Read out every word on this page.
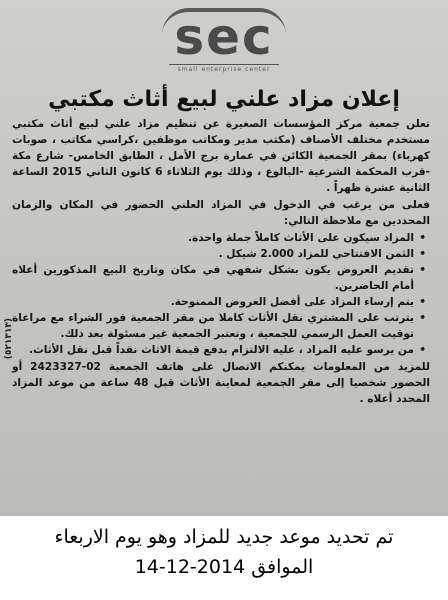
sec
small enterprise center
إعلان مزاد علني لبيع أثاث مكتبي

تعلن جمعية مركز المؤسسات الصغيرة عن تنظيم مزاد علني لبيع أثاث مكتبي مستخدم مختلف الأصناف (مكتب مدير ومكاتب موظفين ،كراسي مكاتب ، صوبات كهرباء) بمقر الجمعية الكائن في عمارة برج الأمل ، الطابق الخامس- شارع مكة -قرب المحكمة الشرعية -البالوع ، وذلك يوم الثلاثاء 6 كانون الثاني 2015 الساعة الثانية عشرة ظهراً .

فعلى من يرغب في الدخول في المزاد العلني الحضور في المكان والزمان المحددين مع ملاحظة التالي:

• المزاد سيكون على الأثاث كاملاً جملة واحدة.
• الثمن الافتتاحي للمزاد 2.000 شيكل .
• تقديم العروض يكون بشكل شفهي في مكان وتاريخ البيع المذكورين أعلاه أمام الحاضرين.
• يتم إرساء المزاد على أفضل العروض الممنوحة.
• يترتب على المشتري نقل الأثاث كاملا من مقر الجمعية فور الشراء مع مراعاة توقيت العمل الرسمي للجمعية ، وتعتبر الجمعية غير مسئولة بعد ذلك.
• من يرسو عليه المزاد ، عليه الالتزام بدفع قيمة الاثاث نقداً قبل نقل الأثاث.

للمزيد من المعلومات يمكنكم الاتصال على هاتف الجمعية 02-2423327 أو الحضور شخصيا إلى مقر الجمعية لمعاينة الأثاث قبل 48 ساعة من موعد المزاد المحدد أعلاه .

(٥٢١٣١٣)
تم تحديد موعد جديد للمزاد وهو يوم الاربعاء
الموافق 14-12-2014
